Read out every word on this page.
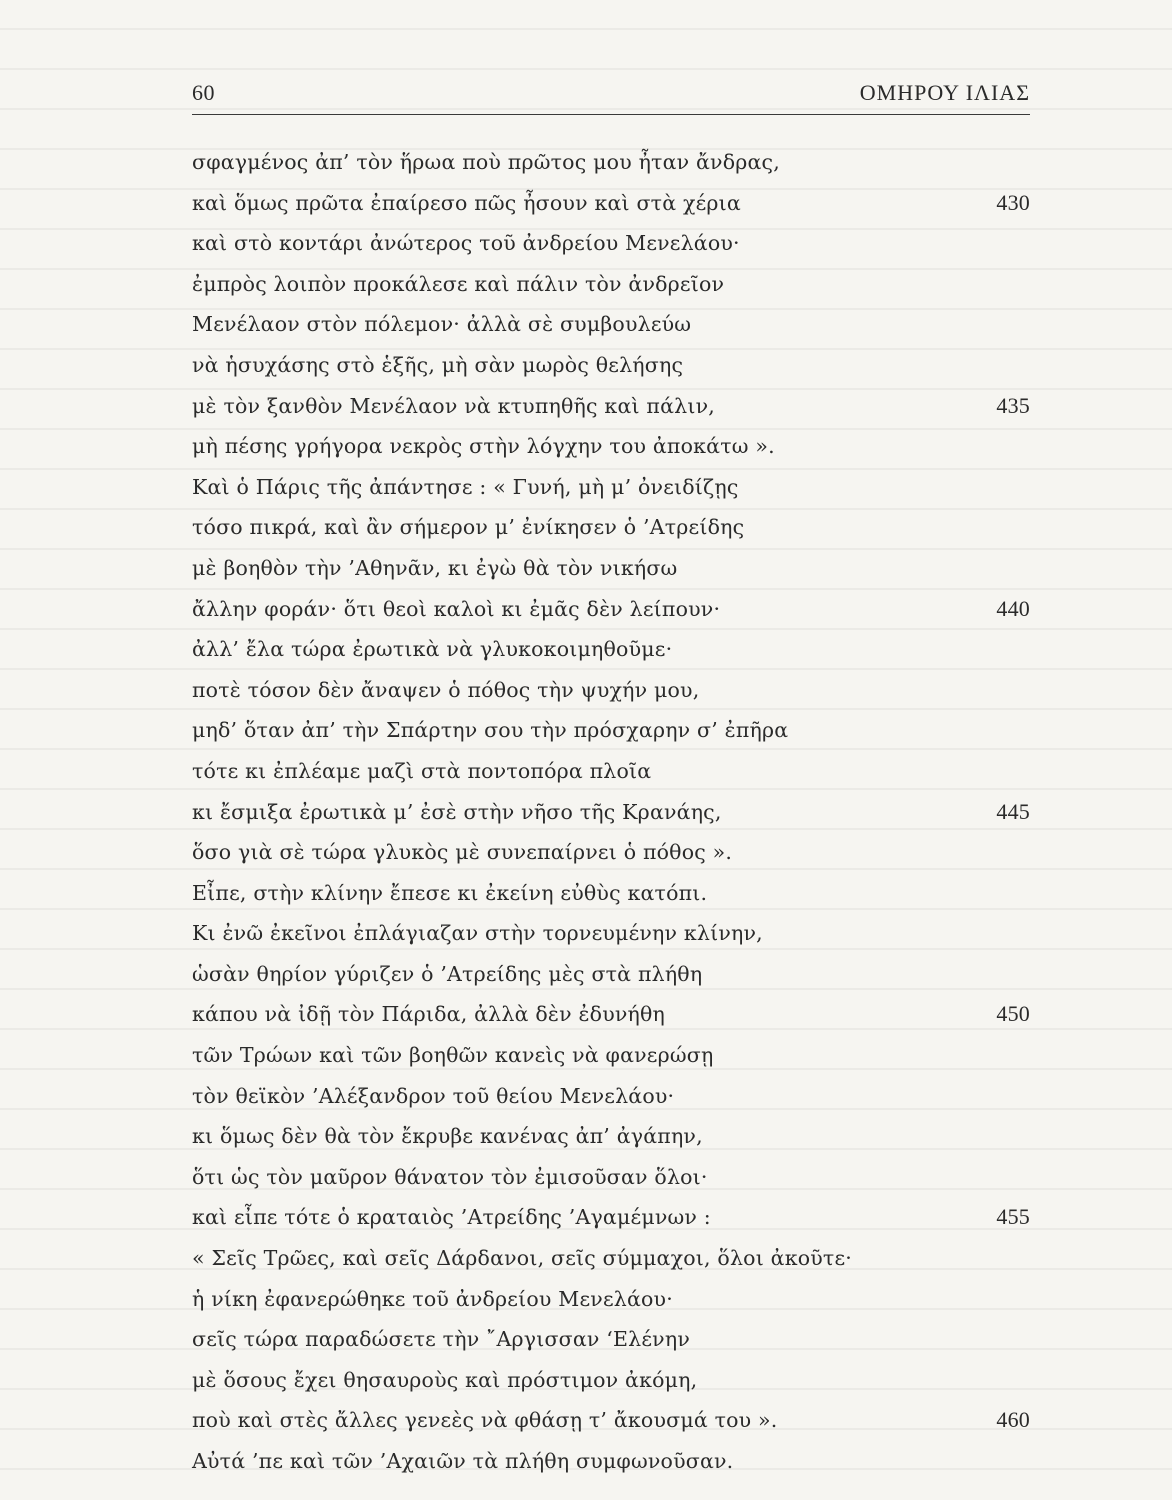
60	ΟΜΗΡΟΥ ΙΛΙΑΣ
σφαγμένος ἀπ’ τὸν ἥρωα ποὺ πρῶτος μου ἦταν ἄνδρας,
καὶ ὅμως πρῶτα ἐπαίρεσο πῶς ἦσουν καὶ στὰ χέρια	430
καὶ στὸ κοντάρι ἀνώτερος τοῦ ἀνδρείου Μενελάου·
ἐμπρὸς λοιπὸν προκάλεσε καὶ πάλιν τὸν ἀνδρεῖον
Μενέλαον στὸν πόλεμον· ἀλλὰ σὲ συμβουλεύω
νὰ ἡσυχάσης στὸ ἑξῆς, μὴ σὰν μωρὸς θελήσης
μὲ τὸν ξανθὸν Μενέλαον νὰ κτυπηθῆς καὶ πάλιν,	435
μὴ πέσης γρήγορα νεκρὸς στὴν λόγχην του ἀποκάτω ».
Καὶ ὁ Πάρις τῆς ἀπάντησε : « Γυνή, μὴ μ’ ὀνειδίζῃς
τόσο πικρά, καὶ ἂν σήμερον μ’ ἐνίκησεν ὁ ’Ατρείδης
μὲ βοηθὸν τὴν ’Αθηνᾶν, κι ἐγὼ θὰ τὸν νικήσω
ἄλλην φοράν· ὅτι θεοὶ καλοὶ κι ἐμᾶς δὲν λείπουν·	440
ἀλλ’ ἔλα τώρα ἐρωτικὰ νὰ γλυκοκοιμηθοῦμε·
ποτὲ τόσον δὲν ἄναψεν ὁ πόθος τὴν ψυχήν μου,
μηδ’ ὅταν ἀπ’ τὴν Σπάρτην σου τὴν πρόσχαρην σ’ ἐπῆρα
τότε κι ἐπλέαμε μαζὶ στὰ ποντοπόρα πλοῖα
κι ἔσμιξα ἐρωτικὰ μ’ ἐσὲ στὴν νῆσο τῆς Κρανάης,	445
ὅσο γιὰ σὲ τώρα γλυκὸς μὲ συνεπαίρνει ὁ πόθος ».
Εἶπε, στὴν κλίνην ἔπεσε κι ἐκείνη εὐθὺς κατόπι.
Κι ἐνῶ ἐκεῖνοι ἐπλάγιαζαν στὴν τορνευμένην κλίνην,
ὡσὰν θηρίον γύριζεν ὁ ’Ατρείδης μὲς στὰ πλήθη
κάπου νὰ ἰδῇ τὸν Πάριδα, ἀλλὰ δὲν ἐδυνήθη	450
τῶν Τρώων καὶ τῶν βοηθῶν κανεὶς νὰ φανερώσῃ
τὸν θεϊκὸν ’Αλέξανδρον τοῦ θείου Μενελάου·
κι ὅμως δὲν θὰ τὸν ἔκρυβε κανένας ἀπ’ ἀγάπην,
ὅτι ὡς τὸν μαῦρον θάνατον τὸν ἐμισοῦσαν ὅλοι·
καὶ εἶπε τότε ὁ κραταιὸς ’Ατρείδης ’Αγαμέμνων :	455
« Σεῖς Τρῶες, καὶ σεῖς Δάρδανοι, σεῖς σύμμαχοι, ὅλοι ἀκοῦτε·
ἡ νίκη ἐφανερώθηκε τοῦ ἀνδρείου Μενελάου·
σεῖς τώρα παραδώσετε τὴν ῎Αργισσαν ‘Ελένην
μὲ ὅσους ἔχει θησαυροὺς καὶ πρόστιμον ἀκόμη,
ποὺ καὶ στὲς ἄλλες γενεὲς νὰ φθάσῃ τ’ ἄκουσμά του ».	460
Αὐτά ’πε καὶ τῶν ’Αχαιῶν τὰ πλήθη συμφωνοῦσαν.
